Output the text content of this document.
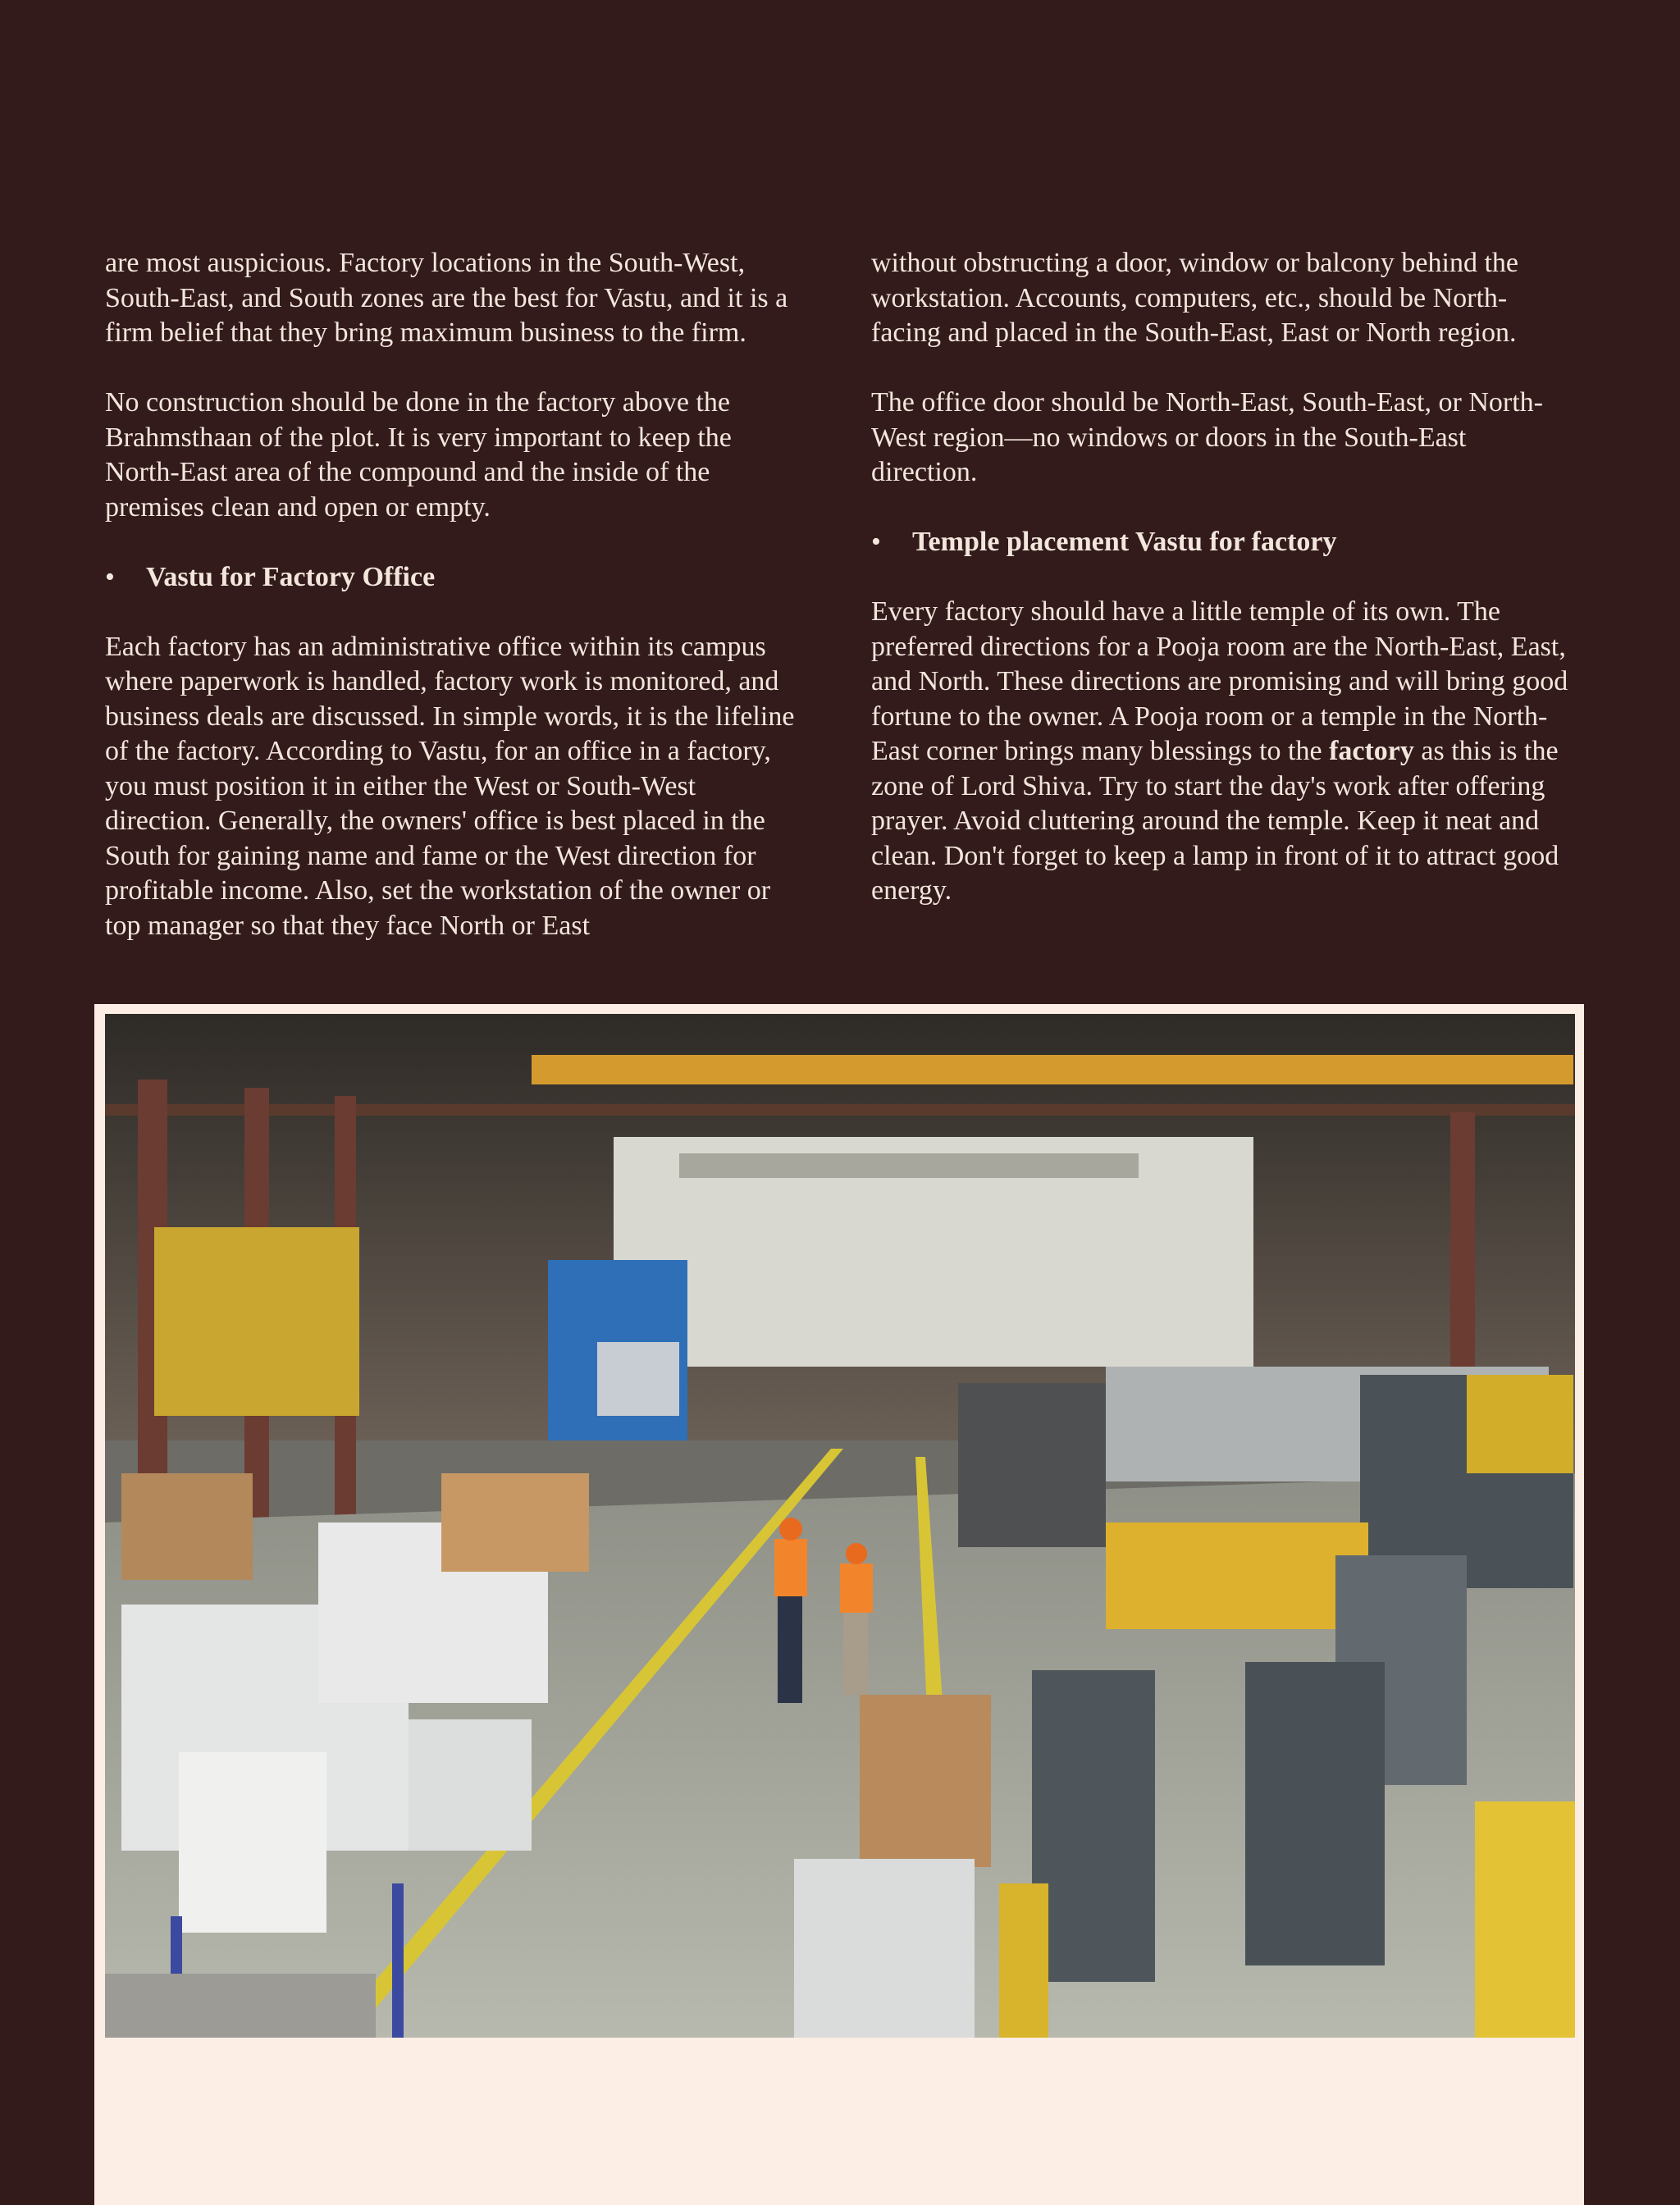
are most auspicious. Factory locations in the South-West, South-East, and South zones are the best for Vastu, and it is a firm belief that they bring maximum business to the firm.

No construction should be done in the factory above the Brahmsthaan of the plot. It is very important to keep the North-East area of the compound and the inside of the premises clean and open or empty.

•	Vastu for Factory Office

Each factory has an administrative office within its campus where paperwork is handled, factory work is monitored, and business deals are discussed. In simple words, it is the lifeline of the factory. According to Vastu, for an office in a factory, you must position it in either the West or South-West direction. Generally, the owners' office is best placed in the South for gaining name and fame or the West direction for profitable income. Also, set the workstation of the owner or top manager so that they face North or East

without obstructing a door, window or balcony behind the workstation. Accounts, computers, etc., should be North-facing and placed in the South-East, East or North region.

The office door should be North-East, South-East, or North-West region—no windows or doors in the South-East direction.

•	Temple placement Vastu for factory

Every factory should have a little temple of its own. The preferred directions for a Pooja room are the North-East, East, and North. These directions are promising and will bring good fortune to the owner. A Pooja room or a temple in the North-East corner brings many blessings to the factory as this is the zone of Lord Shiva. Try to start the day's work after offering prayer. Avoid cluttering around the temple. Keep it neat and clean. Don't forget to keep a lamp in front of it to attract good energy.
